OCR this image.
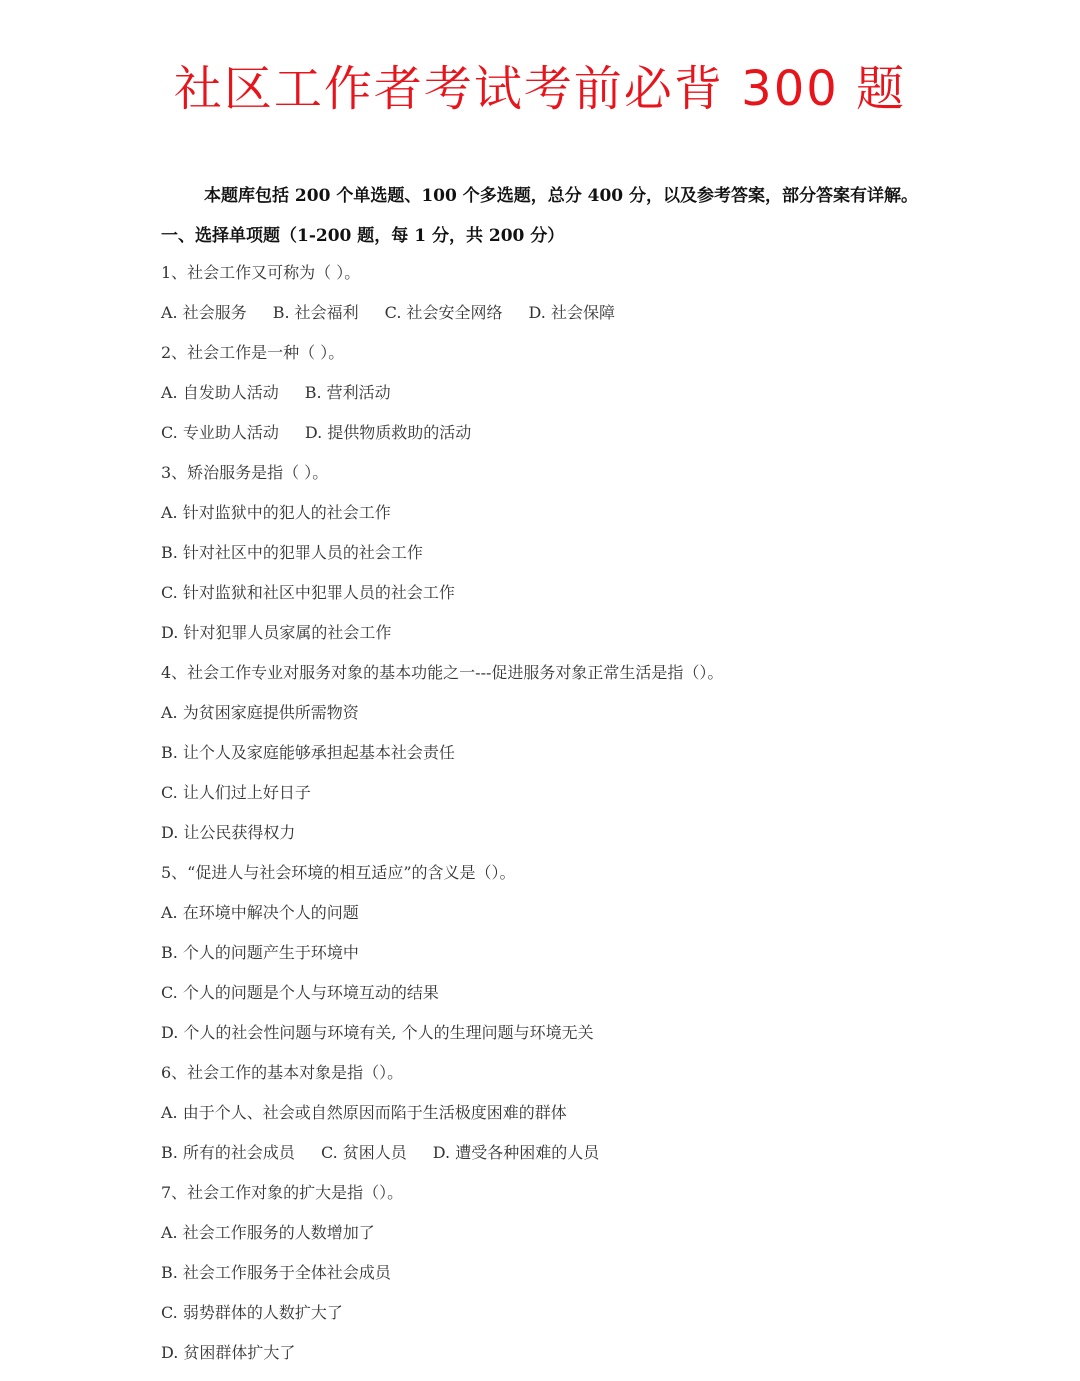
社区工作者考试考前必背 300 题
本题库包括 200 个单选题、100 个多选题，总分 400 分，以及参考答案，部分答案有详解。
一、选择单项题（1-200 题，每 1 分，共 200 分）
1、社会工作又可称为（ ）。
A. 社会服务 B. 社会福利 C. 社会安全网络 D. 社会保障
2、社会工作是一种（ ）。
A. 自发助人活动 B. 营利活动
C. 专业助人活动 D. 提供物质救助的活动
3、矫治服务是指（ ）。
A. 针对监狱中的犯人的社会工作
B. 针对社区中的犯罪人员的社会工作
C. 针对监狱和社区中犯罪人员的社会工作
D. 针对犯罪人员家属的社会工作
4、社会工作专业对服务对象的基本功能之一---促进服务对象正常生活是指（）。
A. 为贫困家庭提供所需物资
B. 让个人及家庭能够承担起基本社会责任
C. 让人们过上好日子
D. 让公民获得权力
5、“促进人与社会环境的相互适应”的含义是（）。
A. 在环境中解决个人的问题
B. 个人的问题产生于环境中
C. 个人的问题是个人与环境互动的结果
D. 个人的社会性问题与环境有关, 个人的生理问题与环境无关
6、社会工作的基本对象是指（）。
A. 由于个人、社会或自然原因而陷于生活极度困难的群体
B. 所有的社会成员 C. 贫困人员 D. 遭受各种困难的人员
7、社会工作对象的扩大是指（）。
A. 社会工作服务的人数增加了
B. 社会工作服务于全体社会成员
C. 弱势群体的人数扩大了
D. 贫困群体扩大了
